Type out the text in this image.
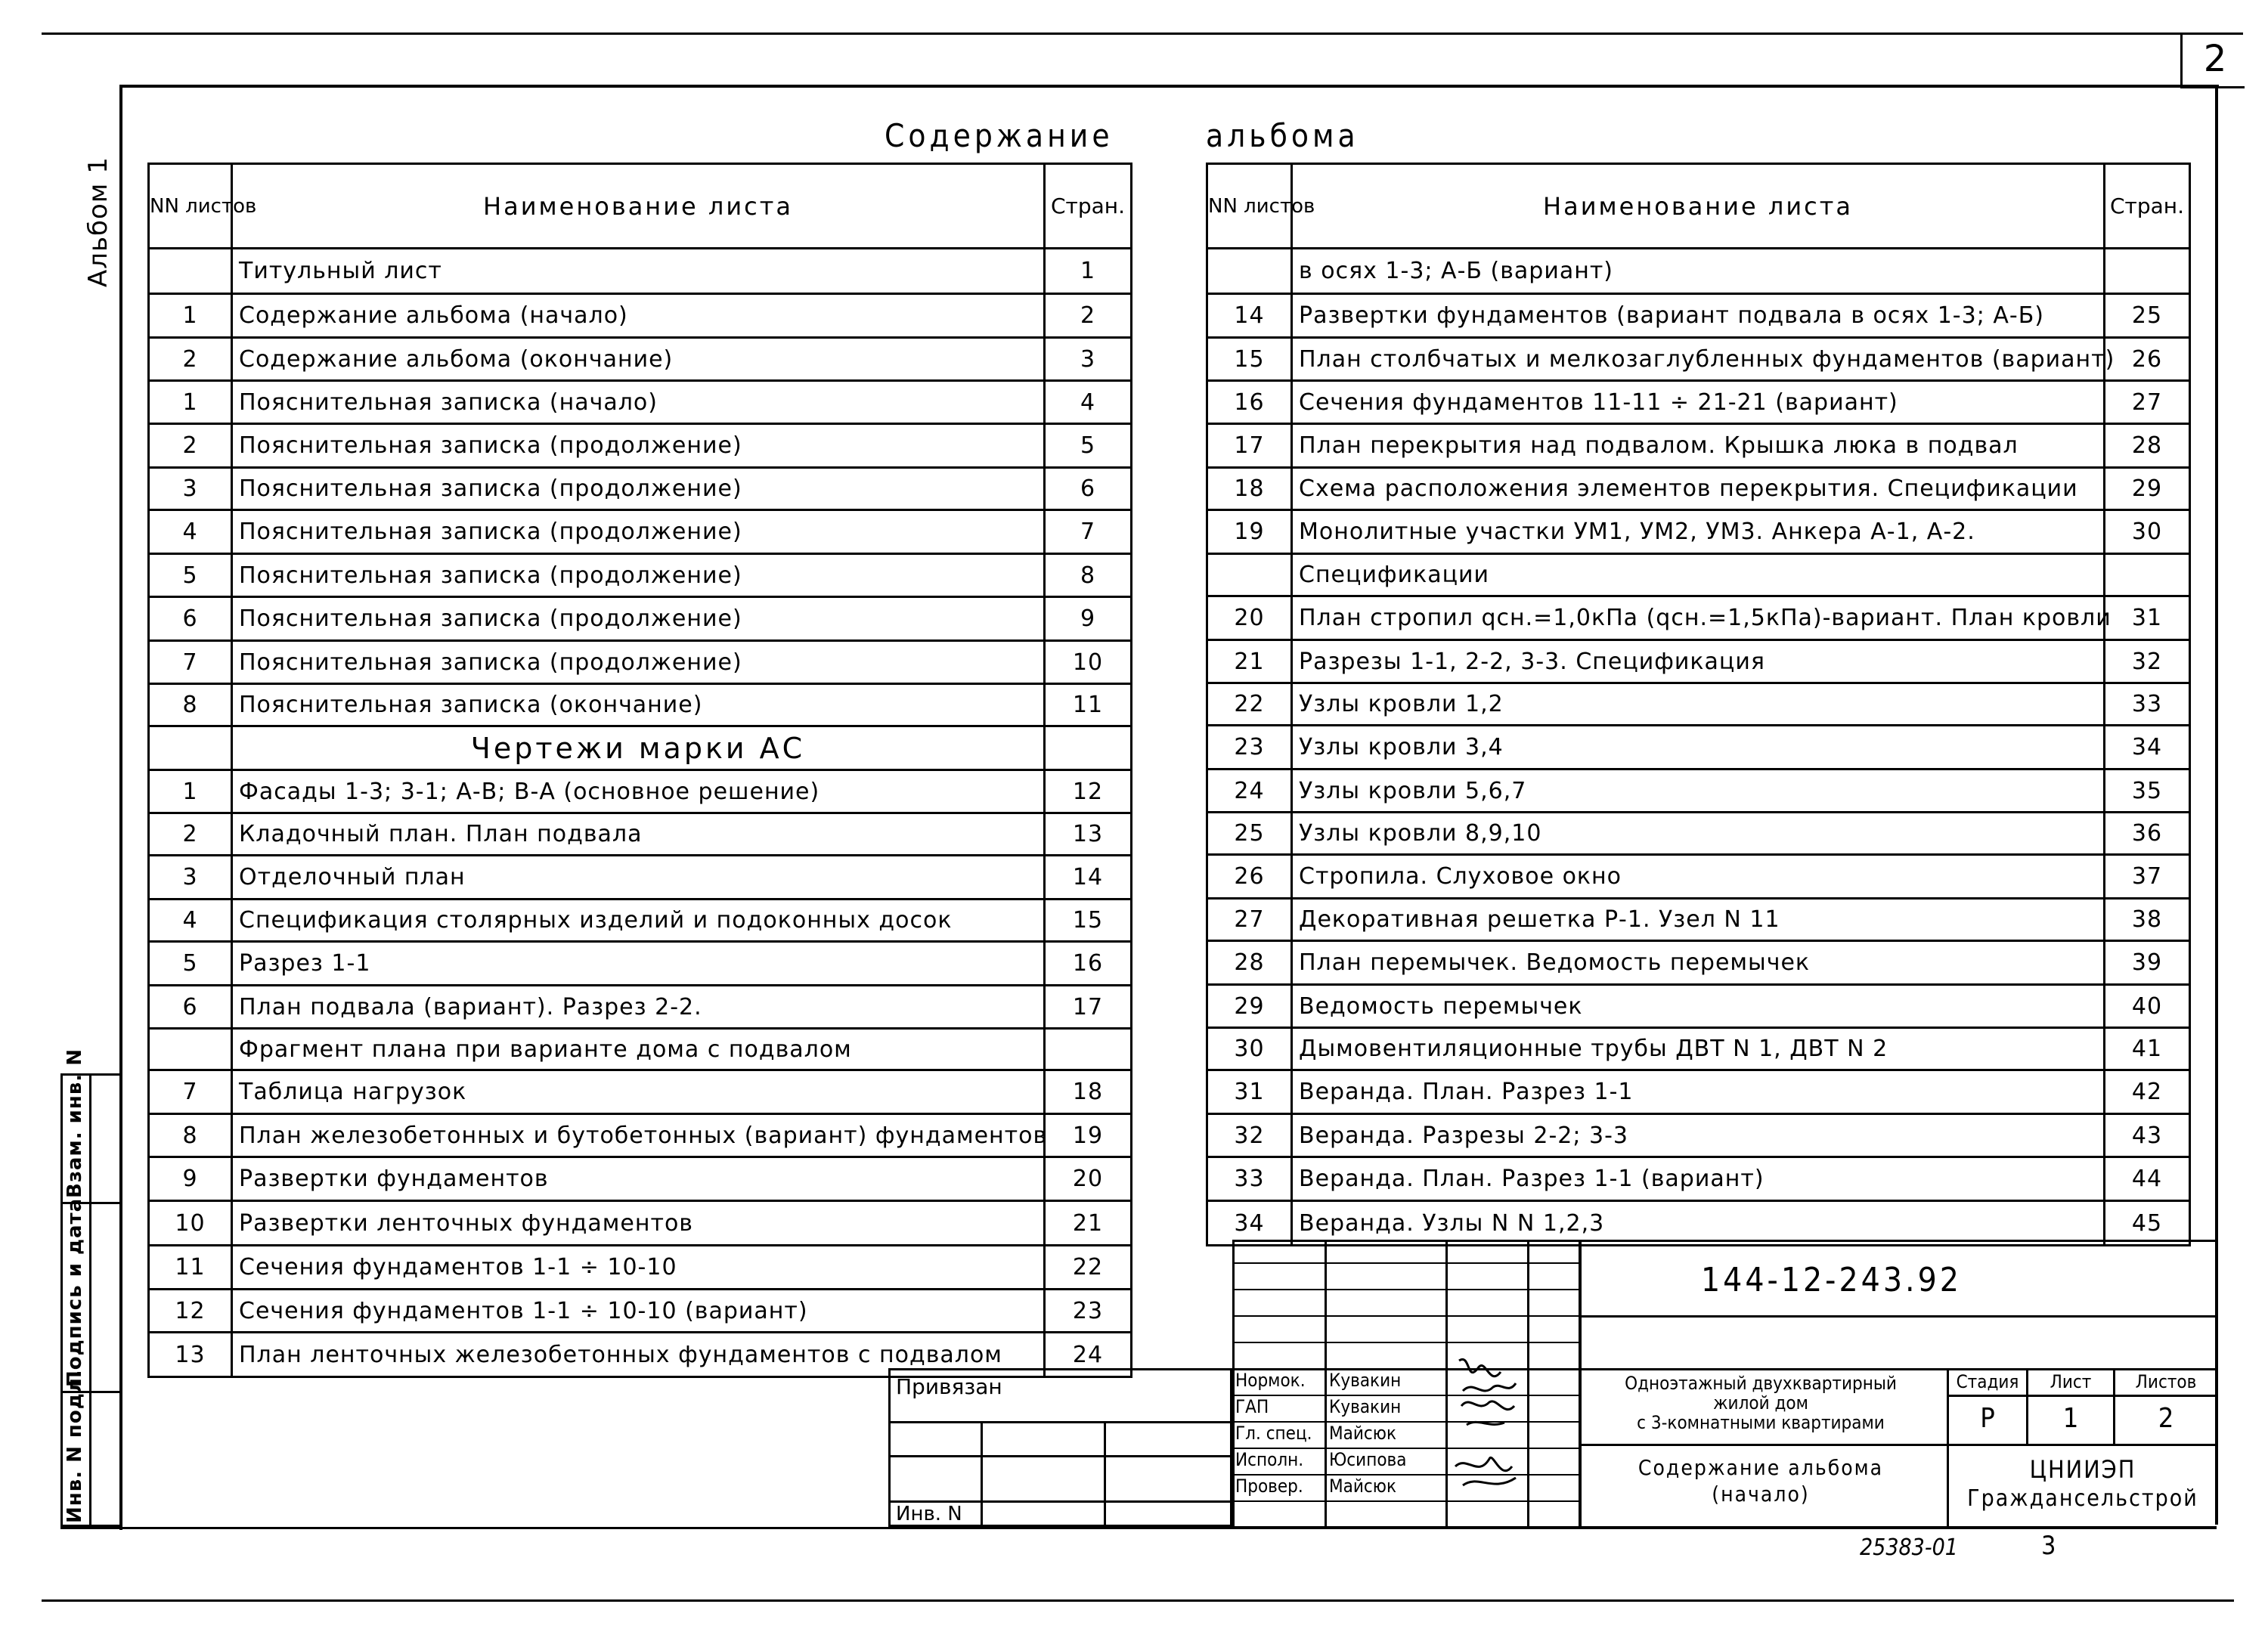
2
Альбом 1
Содержание	альбома
NN листов	Наименование листа	Стран.
	Титульный лист	1
1	Содержание альбома (начало)	2
2	Содержание альбома (окончание)	3
1	Пояснительная записка (начало)	4
2	Пояснительная записка (продолжение)	5
3	Пояснительная записка (продолжение)	6
4	Пояснительная записка (продолжение)	7
5	Пояснительная записка (продолжение)	8
6	Пояснительная записка (продолжение)	9
7	Пояснительная записка (продолжение)	10
8	Пояснительная записка (окончание)	11
	Чертежи марки АС	
1	Фасады 1-3; 3-1; А-В; В-А (основное решение)	12
2	Кладочный план. План подвала	13
3	Отделочный план	14
4	Спецификация столярных изделий и подоконных досок	15
5	Разрез 1-1	16
6	План подвала (вариант). Разрез 2-2.	17
	Фрагмент плана при варианте дома с подвалом	
7	Таблица нагрузок	18
8	План железобетонных и бутобетонных (вариант) фундаментов	19
9	Развертки фундаментов	20
10	Развертки ленточных фундаментов	21
11	Сечения фундаментов 1-1 ÷ 10-10	22
12	Сечения фундаментов 1-1 ÷ 10-10 (вариант)	23
13	План ленточных железобетонных фундаментов с подвалом	24
NN листов	Наименование листа	Стран.
	в осях 1-3; А-Б (вариант)	
14	Развертки фундаментов (вариант подвала в осях 1-3; А-Б)	25
15	План столбчатых и мелкозаглубленных фундаментов (вариант)	26
16	Сечения фундаментов 11-11 ÷ 21-21 (вариант)	27
17	План перекрытия над подвалом. Крышка люка в подвал	28
18	Схема расположения элементов перекрытия. Спецификации	29
19	Монолитные участки УМ1, УМ2, УМ3. Анкера А-1, А-2.	30
	Спецификации	
20	План стропил qсн.=1,0кПа (qсн.=1,5кПа)-вариант. План кровли	31
21	Разрезы 1-1, 2-2, 3-3. Спецификация	32
22	Узлы кровли 1,2	33
23	Узлы кровли 3,4	34
24	Узлы кровли 5,6,7	35
25	Узлы кровли 8,9,10	36
26	Стропила. Слуховое окно	37
27	Декоративная решетка Р-1. Узел N 11	38
28	План перемычек. Ведомость перемычек	39
29	Ведомость перемычек	40
30	Дымовентиляционные трубы ДВТ N 1, ДВТ N 2	41
31	Веранда. План. Разрез 1-1	42
32	Веранда. Разрезы 2-2; 3-3	43
33	Веранда. План. Разрез 1-1 (вариант)	44
34	Веранда. Узлы N N 1,2,3	45
Инв. N подл.
Подпись и дата
Взам. инв. N
Привязан
Инв. N
Нормок. Кувакин
ГАП	Кувакин
Гл. спец. Майсюк
Исполн. Юсипова
Провер. Майсюк
144-12-243.92
Одноэтажный двухквартирный
жилой дом
с 3-комнатными квартирами
Содержание альбома
(начало)
Стадия	Лист	Листов
Р	1	2
ЦНИИЭП
Граждансельстрой
25383-01	3
